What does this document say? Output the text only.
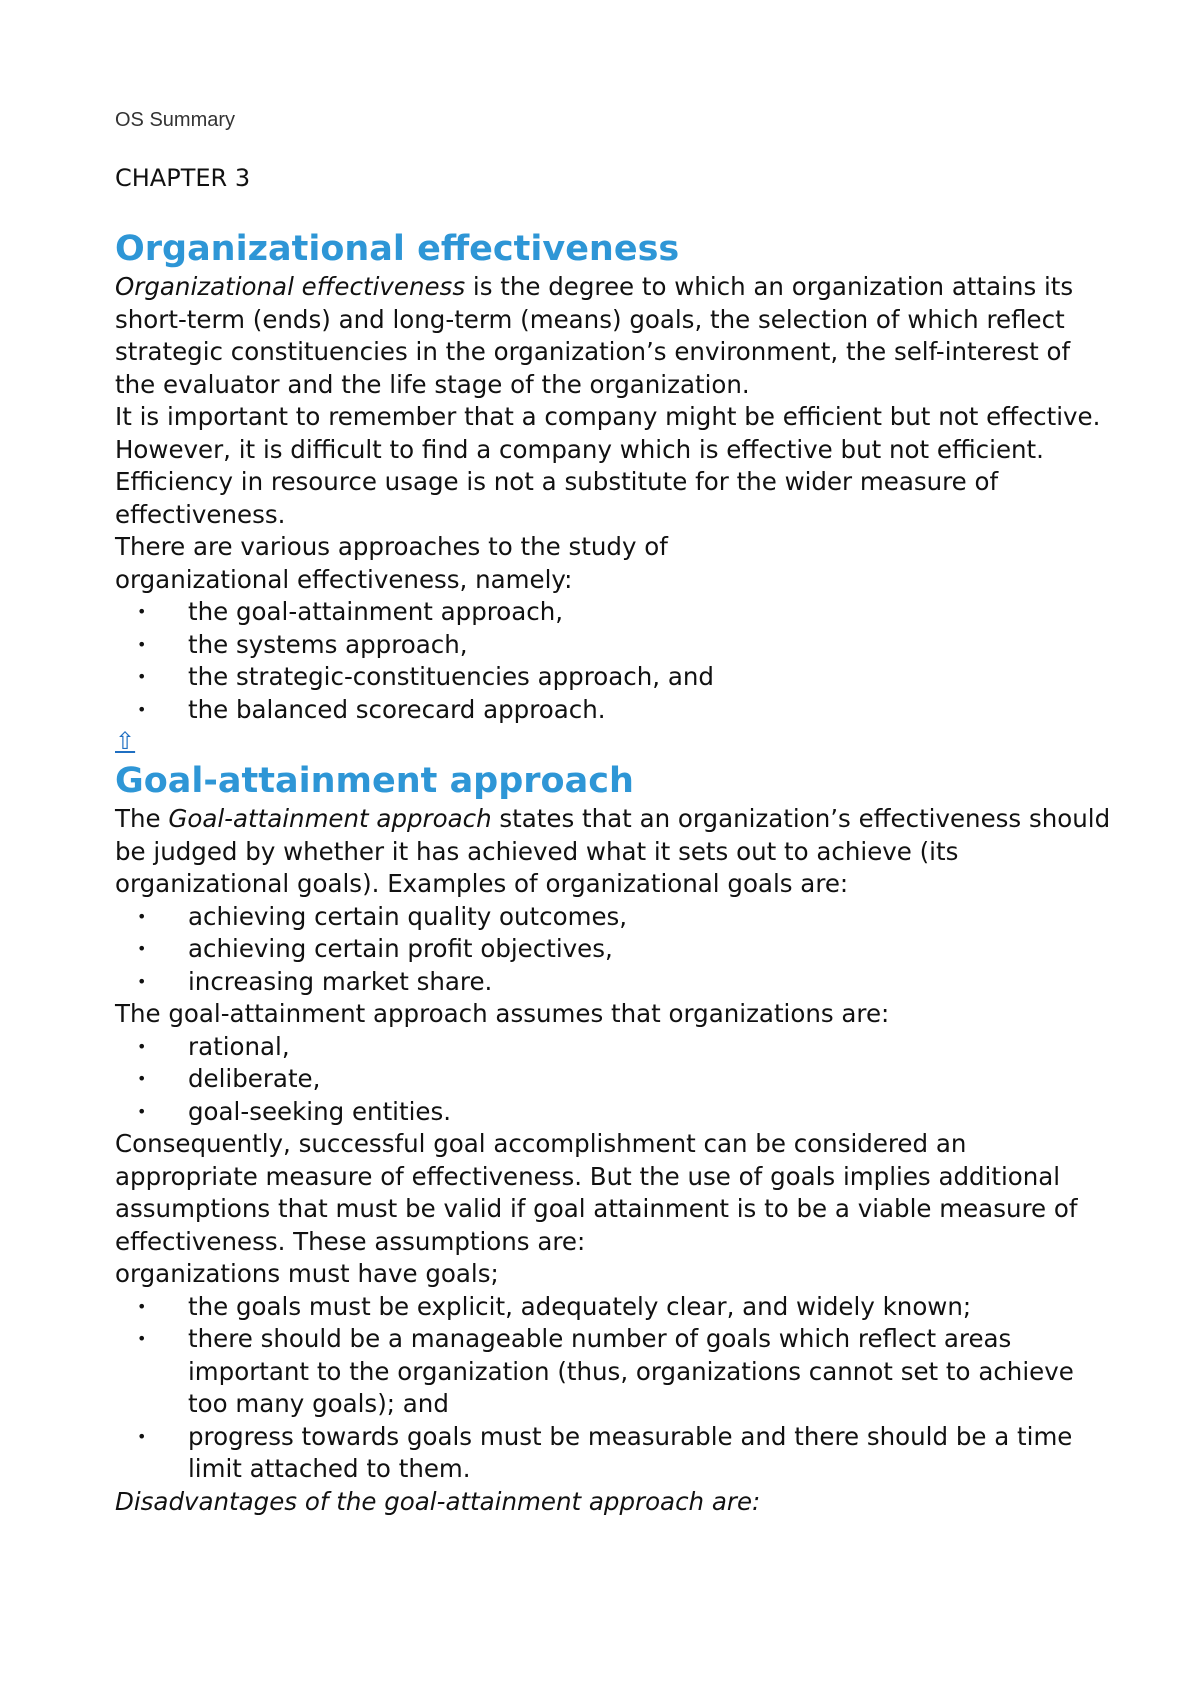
OS Summary
CHAPTER 3
Organizational effectiveness

Organizational effectiveness is the degree to which an organization attains its short-term (ends) and long-term (means) goals, the selection of which reflect strategic constituencies in the organization’s environment, the self-interest of the evaluator and the life stage of the organization.

It is important to remember that a company might be efficient but not effective. However, it is difficult to find a company which is effective but not efficient. Efficiency in resource usage is not a substitute for the wider measure of effectiveness.

There are various approaches to the study of

organizational effectiveness, namely:

• the goal-attainment approach,
• the systems approach,
• the strategic-constituencies approach, and
• the balanced scorecard approach.
⇧
Goal-attainment approach

The Goal-attainment approach states that an organization’s effectiveness should be judged by whether it has achieved what it sets out to achieve (its organizational goals). Examples of organizational goals are:

• achieving certain quality outcomes,
• achieving certain profit objectives,
• increasing market share.

The goal-attainment approach assumes that organizations are:

• rational,
• deliberate,
• goal-seeking entities.

Consequently, successful goal accomplishment can be considered an appropriate measure of effectiveness. But the use of goals implies additional assumptions that must be valid if goal attainment is to be a viable measure of effectiveness. These assumptions are:

organizations must have goals;

• the goals must be explicit, adequately clear, and widely known;
• there should be a manageable number of goals which reflect areas important to the organization (thus, organizations cannot set to achieve too many goals); and
• progress towards goals must be measurable and there should be a time limit attached to them.

Disadvantages of the goal-attainment approach are:
